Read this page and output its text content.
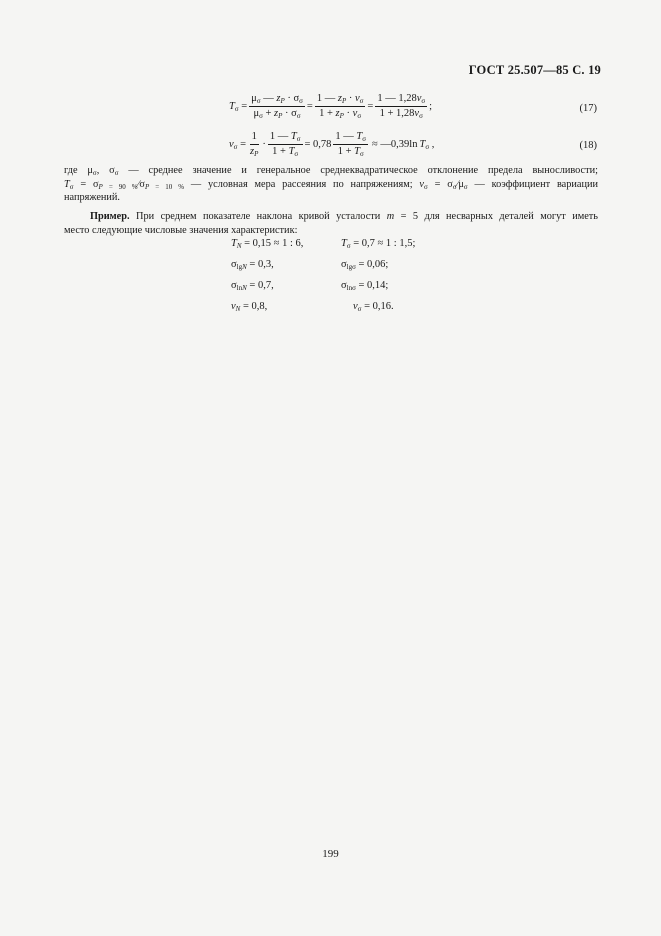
ГОСТ 25.507—85 С. 19
$T_\sigma = \frac{\mu_\sigma — z_P \cdot \sigma_\sigma}{\mu_\sigma + z_P \cdot \sigma_\sigma} = \frac{1 — z_P \cdot v_\sigma}{1 + z_P \cdot v_\sigma} = \frac{1 — 1,28v_\sigma}{1 + 1,28v_\sigma}$ ;	(17)
$v_\sigma = \frac{1}{z_P} \cdot \frac{1 — T_\sigma}{1 + T_\sigma} = 0,78 \frac{1 — T_\sigma}{1 + T_\sigma}$ ≈ —0,39ln $T_\sigma$ ,	(18)
где $\mu_\sigma$, $\sigma_\sigma$ — среднее значение и генеральное среднеквадратическое отклонение предела выносливости;
$T_\sigma$ = $\sigma_{P = 90 \%}∕\sigma_{P = 10 \%}$ — условная мера рассеяния по напряжениям; $v_\sigma$ = $\sigma_\sigma∕\mu_\sigma$ — коэффициент вариации
напряжений.
Пример. При среднем показателе наклона кривой усталости m = 5 для несварных деталей могут иметь
место следующие числовые значения характеристик:
$T_N = 0,15 \approx 1$ : 6,
$\sigma_{lgN} = 0,3$,
$\sigma_{lnN} = 0,7$,
$v_N = 0,8$,
$T_\sigma = 0,7 \approx 1$ : 1,5;
$\sigma_{lg\sigma} = 0,06$;
$\sigma_{ln\sigma} = 0,14$;
$v_\sigma = 0,16$.
199
